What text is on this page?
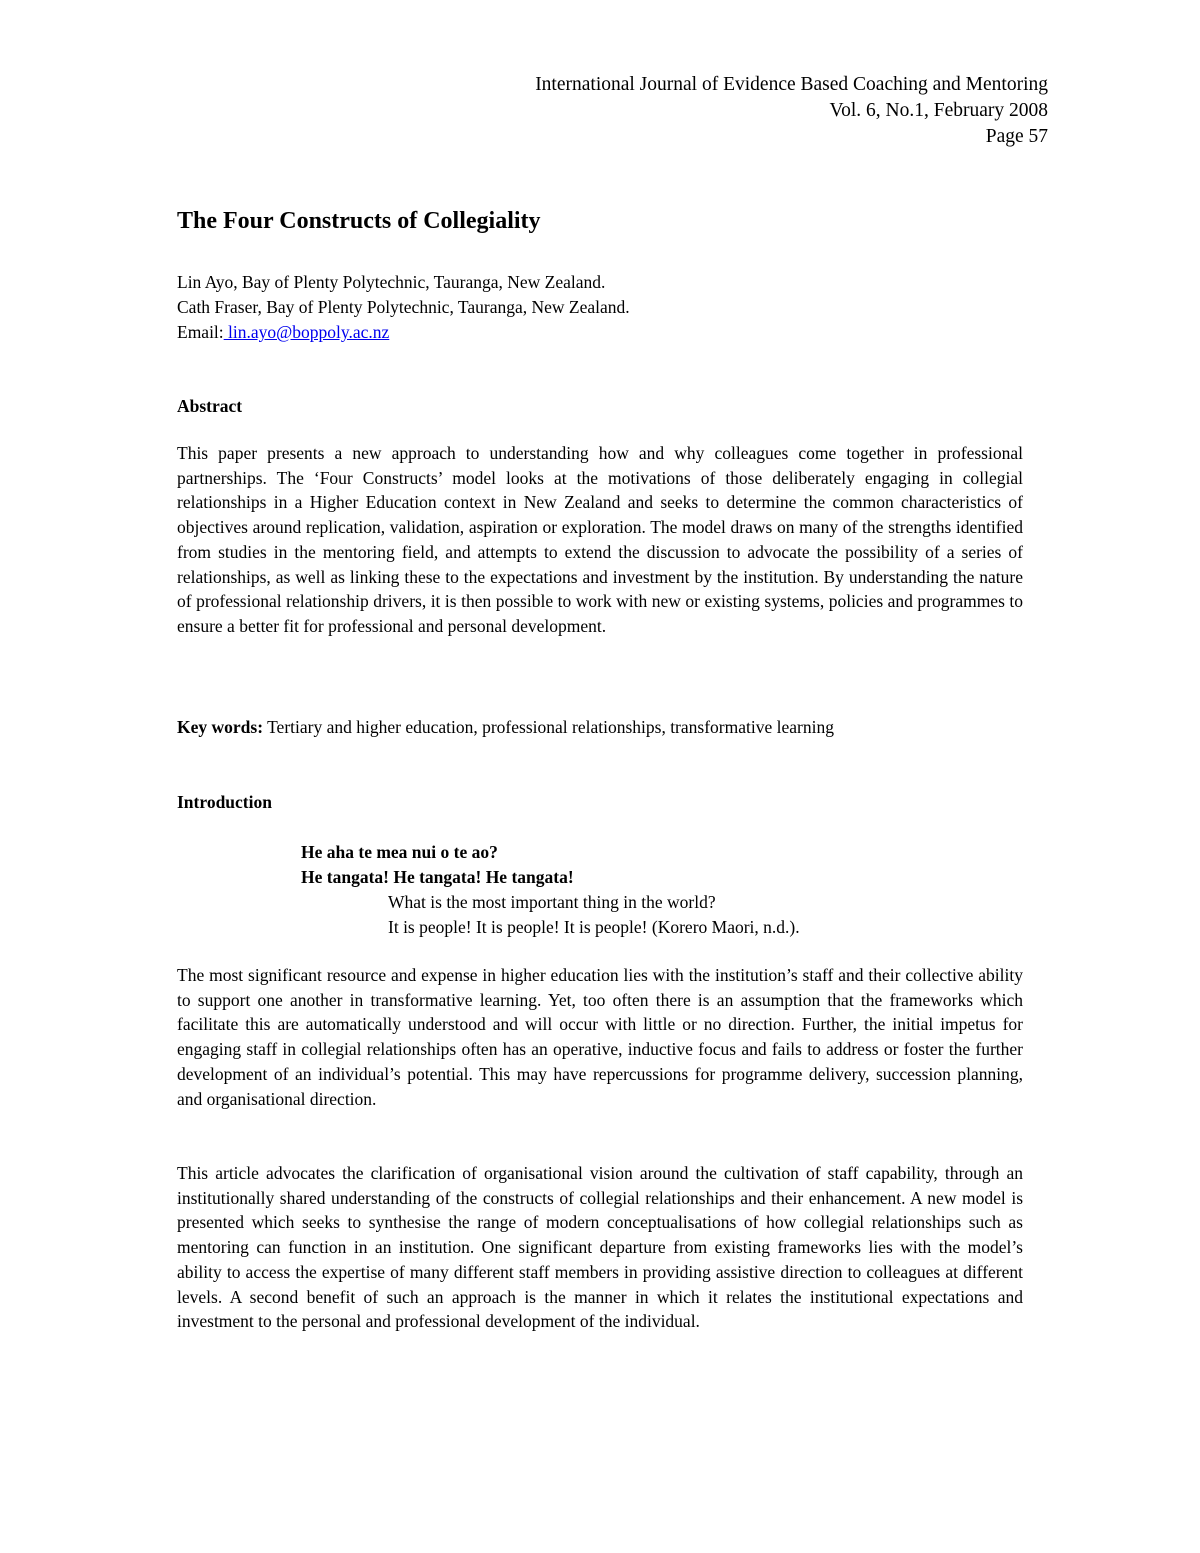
International Journal of Evidence Based Coaching and Mentoring
Vol. 6, No.1, February 2008
Page 57
The Four Constructs of Collegiality
Lin Ayo, Bay of Plenty Polytechnic, Tauranga, New Zealand.
Cath Fraser, Bay of Plenty Polytechnic, Tauranga, New Zealand.
Email: lin.ayo@boppoly.ac.nz
Abstract

This paper presents a new approach to understanding how and why colleagues come together in professional partnerships. The ‘Four Constructs’ model looks at the motivations of those deliberately engaging in collegial relationships in a Higher Education context in New Zealand and seeks to determine the common characteristics of objectives around replication, validation, aspiration or exploration. The model draws on many of the strengths identified from studies in the mentoring field, and attempts to extend the discussion to advocate the possibility of a series of relationships, as well as linking these to the expectations and investment by the institution. By understanding the nature of professional relationship drivers, it is then possible to work with new or existing systems, policies and programmes to ensure a better fit for professional and personal development.

Key words: Tertiary and higher education, professional relationships, transformative learning

Introduction
He aha te mea nui o te ao?
He tangata! He tangata! He tangata!
What is the most important thing in the world?
It is people! It is people! It is people! (Korero Maori, n.d.).

The most significant resource and expense in higher education lies with the institution’s staff and their collective ability to support one another in transformative learning. Yet, too often there is an assumption that the frameworks which facilitate this are automatically understood and will occur with little or no direction. Further, the initial impetus for engaging staff in collegial relationships often has an operative, inductive focus and fails to address or foster the further development of an individual’s potential. This may have repercussions for programme delivery, succession planning, and organisational direction.

This article advocates the clarification of organisational vision around the cultivation of staff capability, through an institutionally shared understanding of the constructs of collegial relationships and their enhancement. A new model is presented which seeks to synthesise the range of modern conceptualisations of how collegial relationships such as mentoring can function in an institution. One significant departure from existing frameworks lies with the model’s ability to access the expertise of many different staff members in providing assistive direction to colleagues at different levels. A second benefit of such an approach is the manner in which it relates the institutional expectations and investment to the personal and professional development of the individual.
